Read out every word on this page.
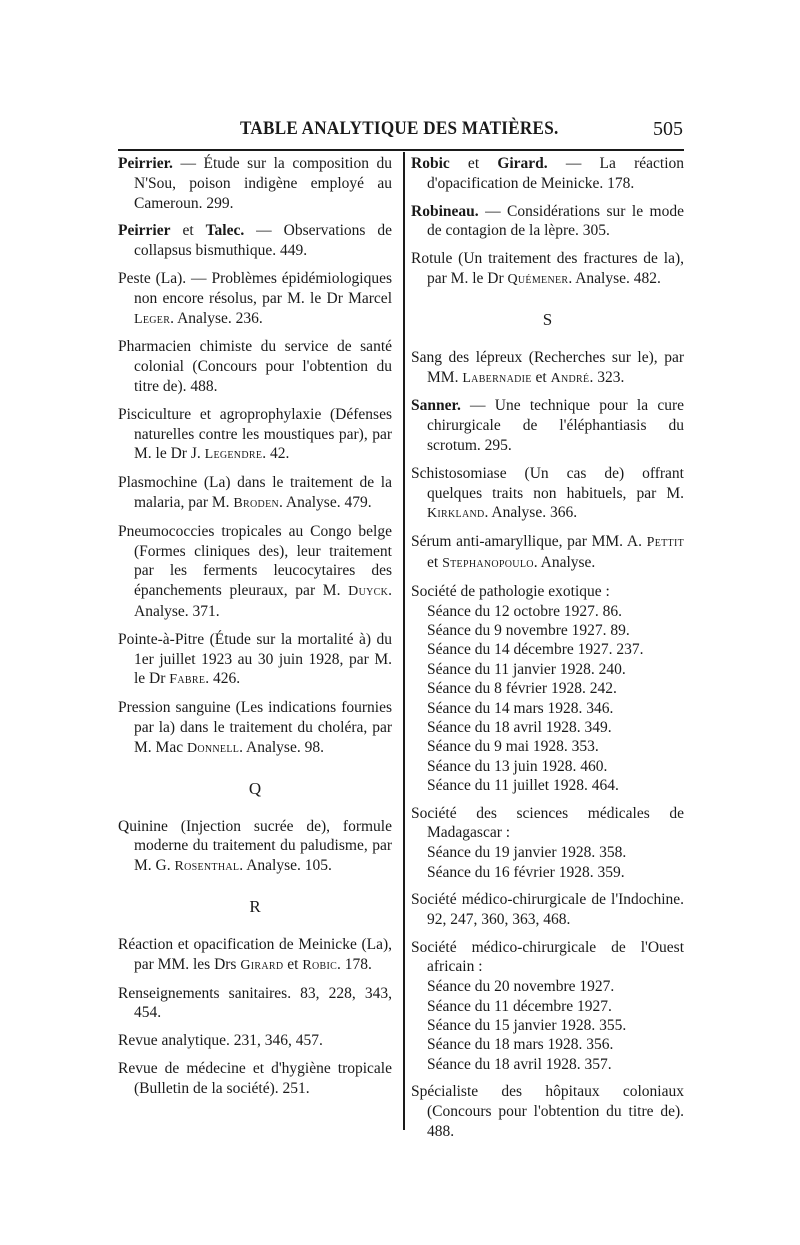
TABLE ANALYTIQUE DES MATIÈRES.	505
Peirrier. — Étude sur la composition du N'Sou, poison indigène employé au Cameroun. 299.
Peirrier et Talec. — Observations de collapsus bismuthique. 449.
Peste (La). — Problèmes épidémiologiques non encore résolus, par M. le Dr Marcel Leger. Analyse. 236.
Pharmacien chimiste du service de santé colonial (Concours pour l'obtention du titre de). 488.
Pisciculture et agroprophylaxie (Défenses naturelles contre les moustiques par), par M. le Dr J. Legendre. 42.
Plasmochine (La) dans le traitement de la malaria, par M. Broden. Analyse. 479.
Pneumococcies tropicales au Congo belge (Formes cliniques des), leur traitement par les ferments leucocytaires des épanchements pleuraux, par M. Duyck. Analyse. 371.
Pointe-à-Pitre (Étude sur la mortalité à) du 1er juillet 1923 au 30 juin 1928, par M. le Dr Fabre. 426.
Pression sanguine (Les indications fournies par la) dans le traitement du choléra, par M. Mac Donnell. Analyse. 98.
Q
Quinine (Injection sucrée de), formule moderne du traitement du paludisme, par M. G. Rosenthal. Analyse. 105.
R
Réaction et opacification de Meinicke (La), par MM. les Drs Girard et Robic. 178.
Renseignements sanitaires. 83, 228, 343, 454.
Revue analytique. 231, 346, 457.
Revue de médecine et d'hygiène tropicale (Bulletin de la société). 251.
Robic et Girard. — La réaction d'opacification de Meinicke. 178.
Robineau. — Considérations sur le mode de contagion de la lèpre. 305.
Rotule (Un traitement des fractures de la), par M. le Dr Quémener. Analyse. 482.
S
Sang des lépreux (Recherches sur le), par MM. Labernadie et André. 323.
Sanner. — Une technique pour la cure chirurgicale de l'éléphantiasis du scrotum. 295.
Schistosomiase (Un cas de) offrant quelques traits non habituels, par M. Kirkland. Analyse. 366.
Sérum anti-amaryllique, par MM. A. Pettit et Stephanopoulo. Analyse.
Société de pathologie exotique :
Séance du 12 octobre 1927. 86.
Séance du 9 novembre 1927. 89.
Séance du 14 décembre 1927. 237.
Séance du 11 janvier 1928. 240.
Séance du 8 février 1928. 242.
Séance du 14 mars 1928. 346.
Séance du 18 avril 1928. 349.
Séance du 9 mai 1928. 353.
Séance du 13 juin 1928. 460.
Séance du 11 juillet 1928. 464.
Société des sciences médicales de Madagascar :
Séance du 19 janvier 1928. 358.
Séance du 16 février 1928. 359.
Société médico-chirurgicale de l'Indochine. 92, 247, 360, 363, 468.
Société médico-chirurgicale de l'Ouest africain :
Séance du 20 novembre 1927.
Séance du 11 décembre 1927.
Séance du 15 janvier 1928. 355.
Séance du 18 mars 1928. 356.
Séance du 18 avril 1928. 357.
Spécialiste des hôpitaux coloniaux (Concours pour l'obtention du titre de). 488.
